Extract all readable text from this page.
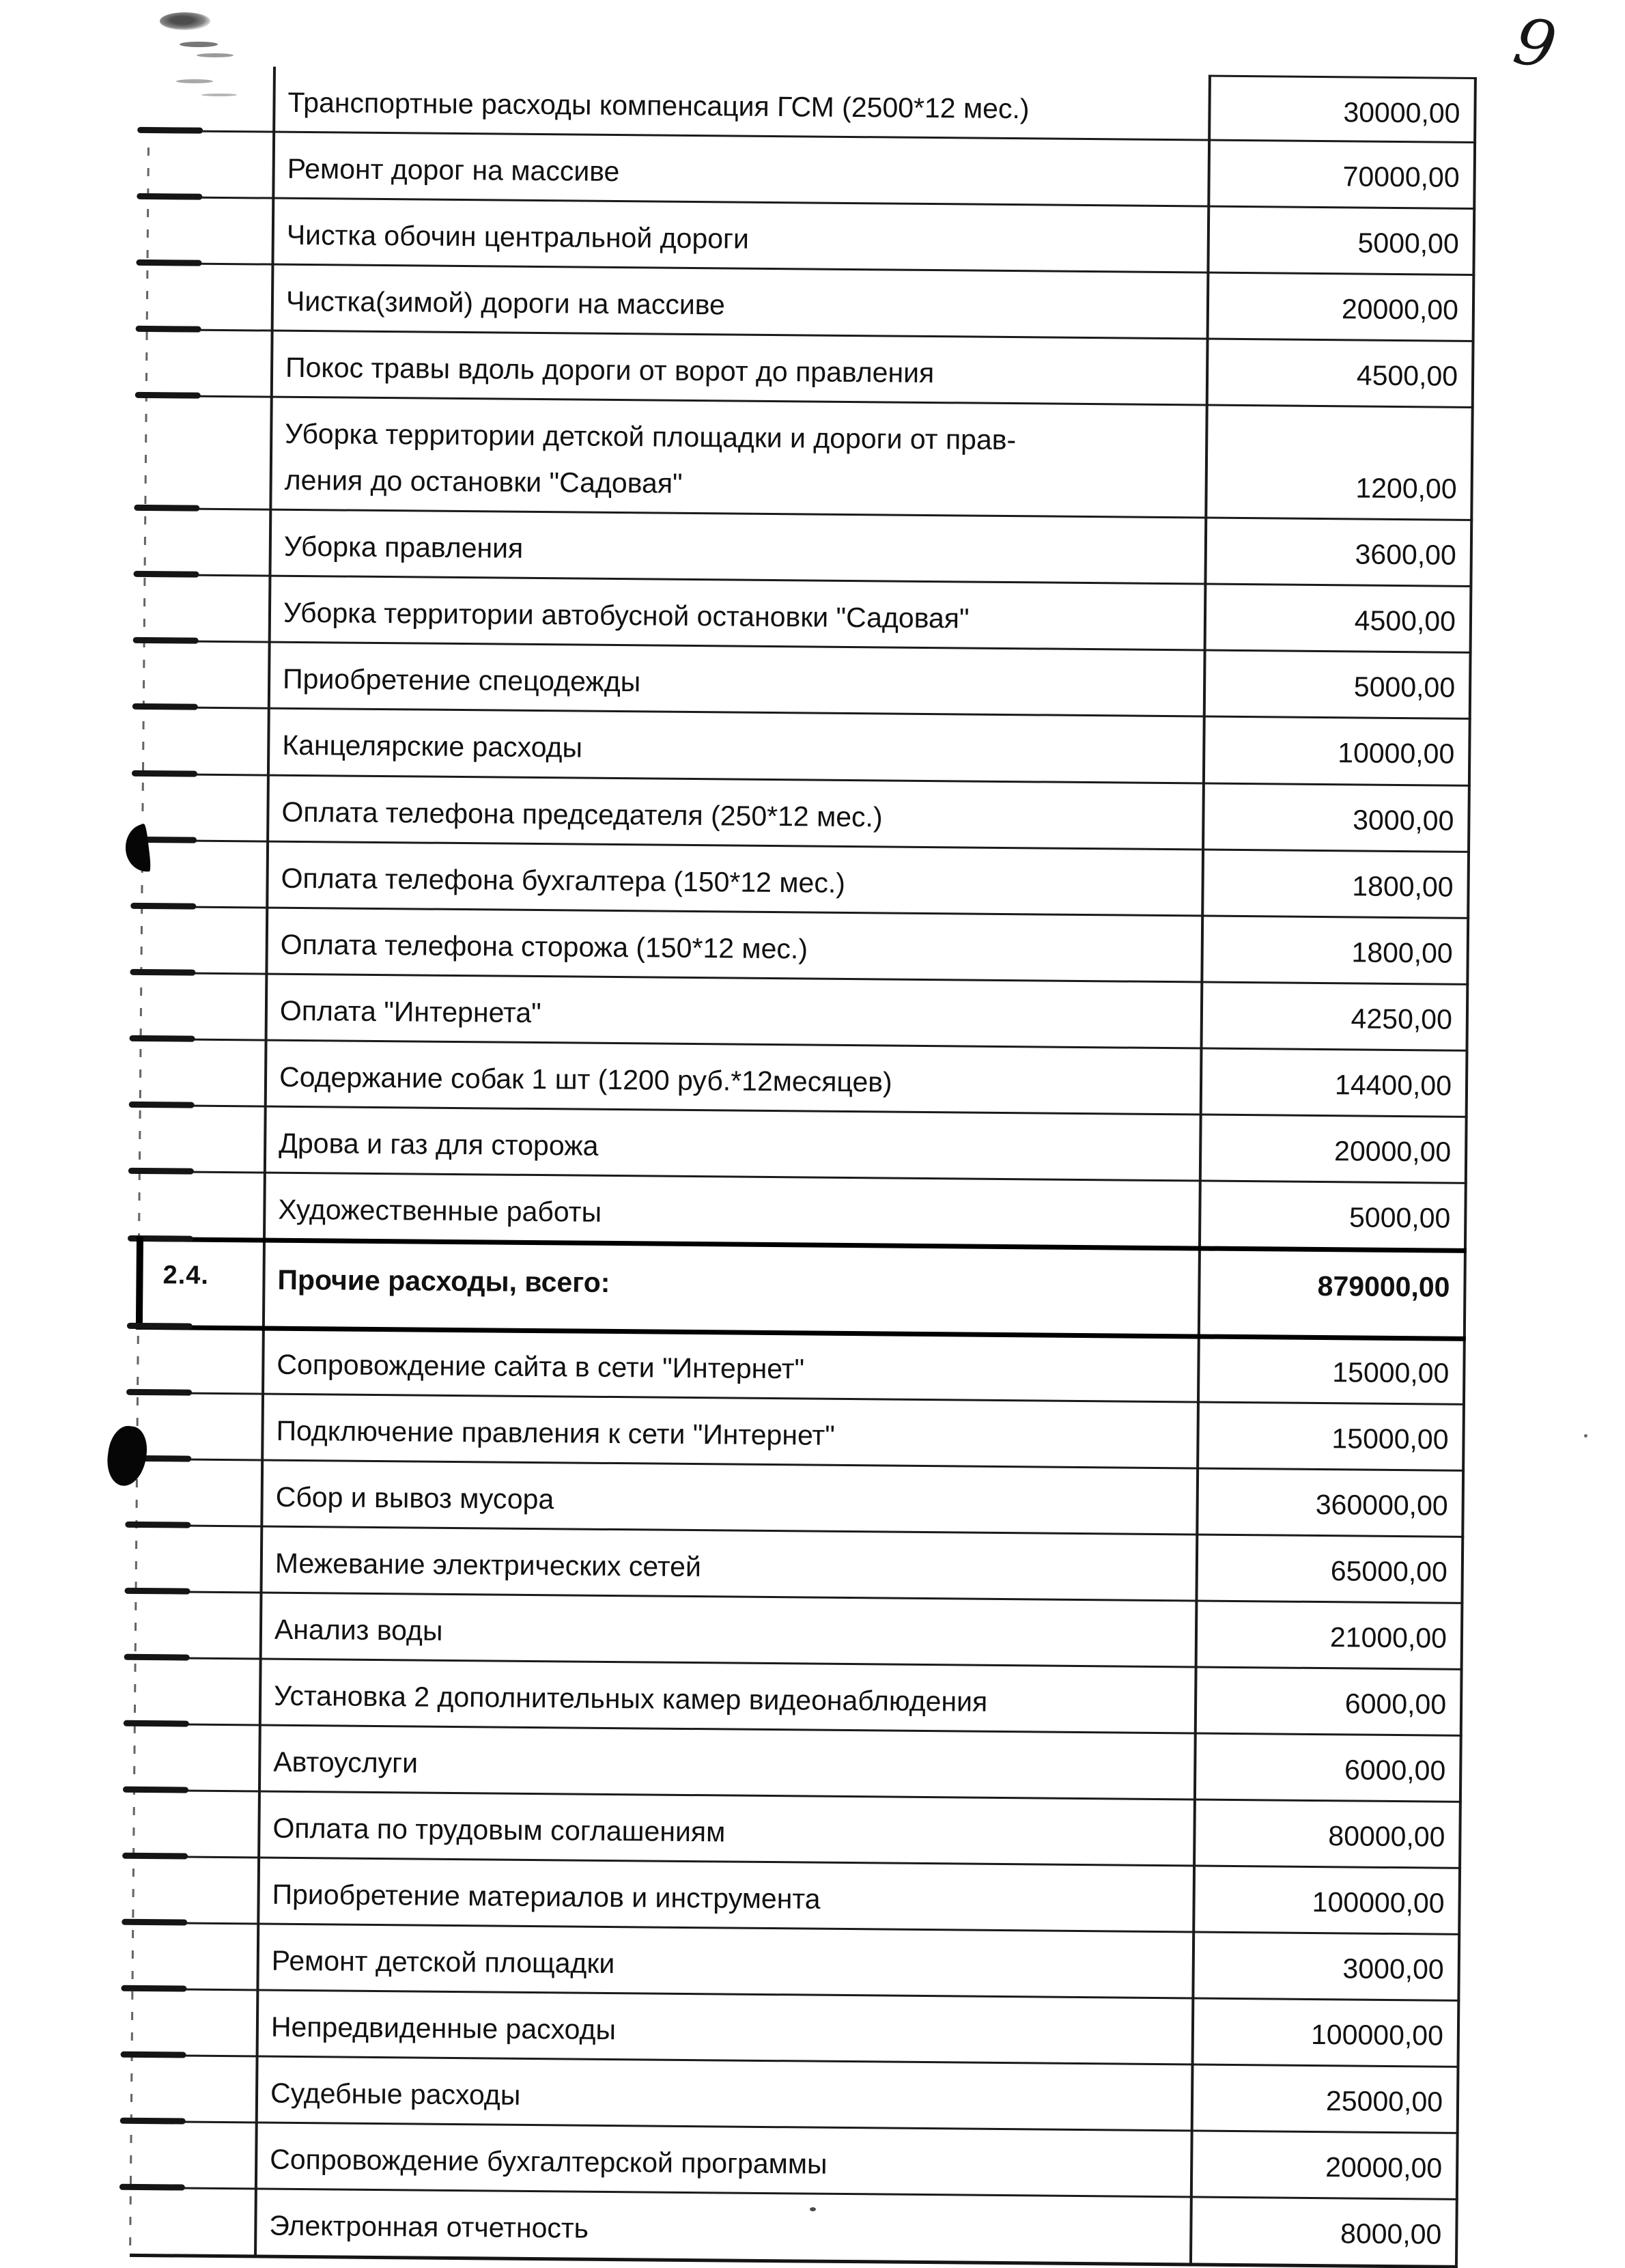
9
Транспортные расходы компенсация ГСМ (2500*12 мес.)	30000,00
Ремонт дорог на массиве	70000,00
Чистка обочин центральной дороги	5000,00
Чистка(зимой) дороги на массиве	20000,00
Покос травы вдоль дороги от ворот до правления	4500,00
Уборка территории детской площадки и дороги от прав-
ления до остановки "Садовая"	1200,00
Уборка правления	3600,00
Уборка территории автобусной остановки "Садовая"	4500,00
Приобретение спецодежды	5000,00
Канцелярские расходы	10000,00
Оплата телефона председателя (250*12 мес.)	3000,00
Оплата телефона бухгалтера (150*12 мес.)	1800,00
Оплата телефона сторожа (150*12 мес.)	1800,00
Оплата "Интернета"	4250,00
Содержание собак 1 шт (1200 руб.*12месяцев)	14400,00
Дрова и газ для сторожа	20000,00
Художественные работы	5000,00
2.4.	Прочие расходы, всего:	879000,00
Сопровождение сайта в сети "Интернет"	15000,00
Подключение правления к сети "Интернет"	15000,00
Сбор и вывоз мусора	360000,00
Межевание электрических сетей	65000,00
Анализ воды	21000,00
Установка 2 дополнительных камер видеонаблюдения	6000,00
Автоуслуги	6000,00
Оплата по трудовым соглашениям	80000,00
Приобретение материалов и инструмента	100000,00
Ремонт детской площадки	3000,00
Непредвиденные расходы	100000,00
Судебные расходы	25000,00
Сопровождение бухгалтерской программы	20000,00
Электронная отчетность	8000,00
